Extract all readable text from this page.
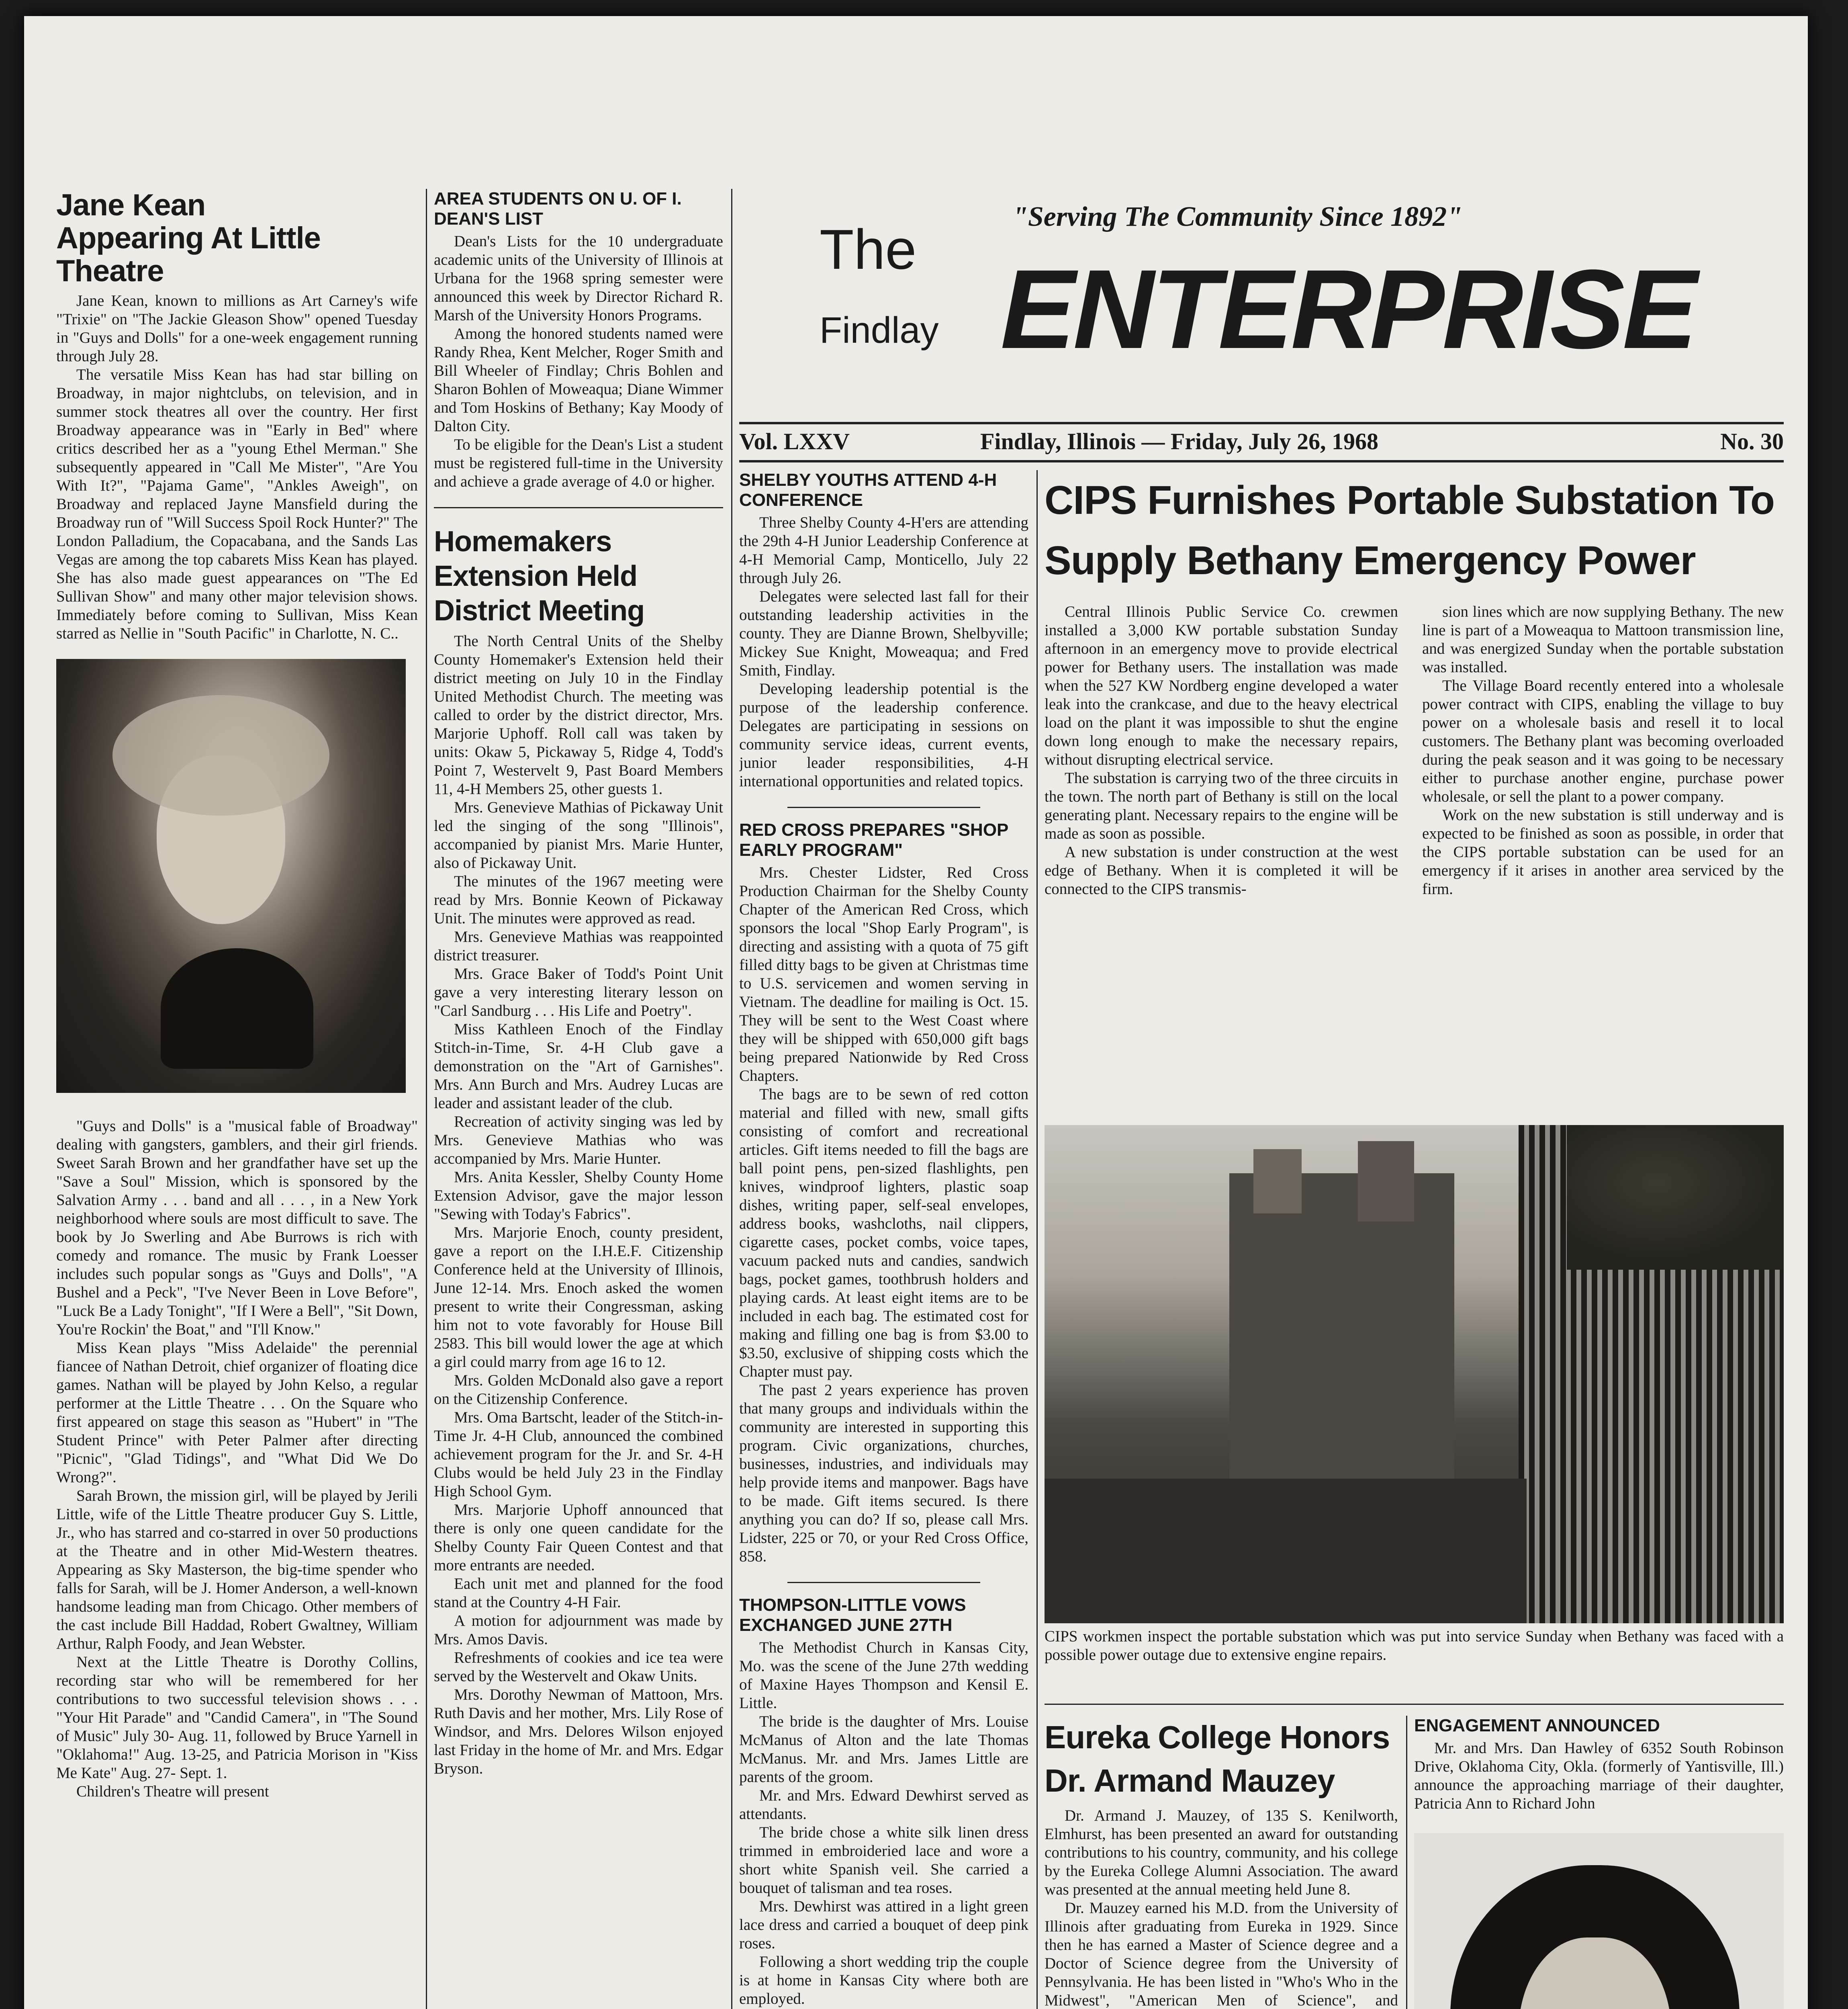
Jane Kean Appearing At Little Theatre

Jane Kean, known to millions as Art Carney's wife "Trixie" on "The Jackie Gleason Show" opened Tuesday in "Guys and Dolls" for a one-week engagement running through July 28.

The versatile Miss Kean has had star billing on Broadway, in major nightclubs, on television, and in summer stock theatres all over the country. Her first Broadway appearance was in "Early in Bed" where critics described her as a "young Ethel Merman." She subsequently appeared in "Call Me Mister", "Are You With It?", "Pajama Game", "Ankles Aweigh", on Broadway and replaced Jayne Mansfield during the Broadway run of "Will Success Spoil Rock Hunter?" The London Palladium, the Copacabana, and the Sands Las Vegas are among the top cabarets Miss Kean has played. She has also made guest appearances on "The Ed Sullivan Show" and many other major television shows. Immediately before coming to Sullivan, Miss Kean starred as Nellie in "South Pacific" in Charlotte, N. C..

"Guys and Dolls" is a "musical fable of Broadway" dealing with gangsters, gamblers, and their girl friends. Sweet Sarah Brown and her grandfather have set up the "Save a Soul" Mission, which is sponsored by the Salvation Army . . . band and all . . . , in a New York neighborhood where souls are most difficult to save. The book by Jo Swerling and Abe Burrows is rich with comedy and romance. The music by Frank Loesser includes such popular songs as "Guys and Dolls", "A Bushel and a Peck", "I've Never Been in Love Before", "Luck Be a Lady Tonight", "If I Were a Bell", "Sit Down, You're Rockin' the Boat," and "I'll Know."

Miss Kean plays "Miss Adelaide" the perennial fiancee of Nathan Detroit, chief organizer of floating dice games. Nathan will be played by John Kelso, a regular performer at the Little Theatre . . . On the Square who first appeared on stage this season as "Hubert" in "The Student Prince" with Peter Palmer after directing "Picnic", "Glad Tidings", and "What Did We Do Wrong?".

Sarah Brown, the mission girl, will be played by Jerili Little, wife of the Little Theatre producer Guy S. Little, Jr., who has starred and co-starred in over 50 productions at the Theatre and in other Mid-Western theatres. Appearing as Sky Masterson, the big-time spender who falls for Sarah, will be J. Homer Anderson, a well-known handsome leading man from Chicago. Other members of the cast include Bill Haddad, Robert Gwaltney, William Arthur, Ralph Foody, and Jean Webster.

Next at the Little Theatre is Dorothy Collins, recording star who will be remembered for her contributions to two successful television shows . . . "Your Hit Parade" and "Candid Camera", in "The Sound of Music" July 30- Aug. 11, followed by Bruce Yarnell in "Oklahoma!" Aug. 13-25, and Patricia Morison in "Kiss Me Kate" Aug. 27- Sept. 1.

Children's Theatre will present

AREA STUDENTS ON U. OF I. DEAN'S LIST

Dean's Lists for the 10 undergraduate academic units of the University of Illinois at Urbana for the 1968 spring semester were announced this week by Director Richard R. Marsh of the University Honors Programs.

Among the honored students named were Randy Rhea, Kent Melcher, Roger Smith and Bill Wheeler of Findlay; Chris Bohlen and Sharon Bohlen of Moweaqua; Diane Wimmer and Tom Hoskins of Bethany; Kay Moody of Dalton City.

To be eligible for the Dean's List a student must be registered full-time in the University and achieve a grade average of 4.0 or higher.

Homemakers Extension Held District Meeting

The North Central Units of the Shelby County Homemaker's Extension held their district meeting on July 10 in the Findlay United Methodist Church. The meeting was called to order by the district director, Mrs. Marjorie Uphoff. Roll call was taken by units: Okaw 5, Pickaway 5, Ridge 4, Todd's Point 7, Westervelt 9, Past Board Members 11, 4-H Members 25, other guests 1.

Mrs. Genevieve Mathias of Pickaway Unit led the singing of the song "Illinois", accompanied by pianist Mrs. Marie Hunter, also of Pickaway Unit.

The minutes of the 1967 meeting were read by Mrs. Bonnie Keown of Pickaway Unit. The minutes were approved as read.

Mrs. Genevieve Mathias was reappointed district treasurer.

Mrs. Grace Baker of Todd's Point Unit gave a very interesting literary lesson on "Carl Sandburg . . . His Life and Poetry".

Miss Kathleen Enoch of the Findlay Stitch-in-Time, Sr. 4-H Club gave a demonstration on the "Art of Garnishes". Mrs. Ann Burch and Mrs. Audrey Lucas are leader and assistant leader of the club.

Recreation of activity singing was led by Mrs. Genevieve Mathias who was accompanied by Mrs. Marie Hunter.

Mrs. Anita Kessler, Shelby County Home Extension Advisor, gave the major lesson "Sewing with Today's Fabrics".

Mrs. Marjorie Enoch, county president, gave a report on the I.H.E.F. Citizenship Conference held at the University of Illinois, June 12-14. Mrs. Enoch asked the women present to write their Congressman, asking him not to vote favorably for House Bill 2583. This bill would lower the age at which a girl could marry from age 16 to 12.

Mrs. Golden McDonald also gave a report on the Citizenship Conference.

Mrs. Oma Bartscht, leader of the Stitch-in-Time Jr. 4-H Club, announced the combined achievement program for the Jr. and Sr. 4-H Clubs would be held July 23 in the Findlay High School Gym.

Mrs. Marjorie Uphoff announced that there is only one queen candidate for the Shelby County Fair Queen Contest and that more entrants are needed.

Each unit met and planned for the food stand at the Country 4-H Fair.

A motion for adjournment was made by Mrs. Amos Davis.

Refreshments of cookies and ice tea were served by the Westervelt and Okaw Units.

Mrs. Dorothy Newman of Mattoon, Mrs. Ruth Davis and her mother, Mrs. Lily Rose of Windsor, and Mrs. Delores Wilson enjoyed last Friday in the home of Mr. and Mrs. Edgar Bryson.

"Serving The Community Since 1892"
The
Findlay ENTERPRISE
Vol. LXXV	Findlay, Illinois — Friday, July 26, 1968	No. 30
SHELBY YOUTHS ATTEND 4-H CONFERENCE

Three Shelby County 4-H'ers are attending the 29th 4-H Junior Leadership Conference at 4-H Memorial Camp, Monticello, July 22 through July 26.

Delegates were selected last fall for their outstanding leadership activities in the county. They are Dianne Brown, Shelbyville; Mickey Sue Knight, Moweaqua; and Fred Smith, Findlay.

Developing leadership potential is the purpose of the leadership conference. Delegates are participating in sessions on community service ideas, current events, junior leader responsibilities, 4-H international opportunities and related topics.

RED CROSS PREPARES "SHOP EARLY PROGRAM"

Mrs. Chester Lidster, Red Cross Production Chairman for the Shelby County Chapter of the American Red Cross, which sponsors the local "Shop Early Program", is directing and assisting with a quota of 75 gift filled ditty bags to be given at Christmas time to U.S. servicemen and women serving in Vietnam. The deadline for mailing is Oct. 15. They will be sent to the West Coast where they will be shipped with 650,000 gift bags being prepared Nationwide by Red Cross Chapters.

The bags are to be sewn of red cotton material and filled with new, small gifts consisting of comfort and recreational articles. Gift items needed to fill the bags are ball point pens, pen-sized flashlights, pen knives, windproof lighters, plastic soap dishes, writing paper, self-seal envelopes, address books, washcloths, nail clippers, cigarette cases, pocket combs, voice tapes, vacuum packed nuts and candies, sandwich bags, pocket games, toothbrush holders and playing cards. At least eight items are to be included in each bag. The estimated cost for making and filling one bag is from $3.00 to $3.50, exclusive of shipping costs which the Chapter must pay.

The past 2 years experience has proven that many groups and individuals within the community are interested in supporting this program. Civic organizations, churches, businesses, industries, and individuals may help provide items and manpower. Bags have to be made. Gift items secured. Is there anything you can do? If so, please call Mrs. Lidster, 225 or 70, or your Red Cross Office, 858.

THOMPSON-LITTLE VOWS EXCHANGED JUNE 27TH

The Methodist Church in Kansas City, Mo. was the scene of the June 27th wedding of Maxine Hayes Thompson and Kensil E. Little.

The bride is the daughter of Mrs. Louise McManus of Alton and the late Thomas McManus. Mr. and Mrs. James Little are parents of the groom.

Mr. and Mrs. Edward Dewhirst served as attendants.

The bride chose a white silk linen dress trimmed in embroideried lace and wore a short white Spanish veil. She carried a bouquet of talisman and tea roses.

Mrs. Dewhirst was attired in a light green lace dress and carried a bouquet of deep pink roses.

Following a short wedding trip the couple is at home in Kansas City where both are employed.

CIPS Furnishes Portable Substation To Supply Bethany Emergency Power

Central Illinois Public Service Co. crewmen installed a 3,000 KW portable substation Sunday afternoon in an emergency move to provide electrical power for Bethany users. The installation was made when the 527 KW Nordberg engine developed a water leak into the crankcase, and due to the heavy electrical load on the plant it was impossible to shut the engine down long enough to make the necessary repairs, without disrupting electrical service.

The substation is carrying two of the three circuits in the town. The north part of Bethany is still on the local generating plant. Necessary repairs to the engine will be made as soon as possible.

A new substation is under construction at the west edge of Bethany. When it is completed it will be connected to the CIPS transmis-

sion lines which are now supplying Bethany. The new line is part of a Moweaqua to Mattoon transmission line, and was energized Sunday when the portable substation was installed.

The Village Board recently entered into a wholesale power contract with CIPS, enabling the village to buy power on a wholesale basis and resell it to local customers. The Bethany plant was becoming overloaded during the peak season and it was going to be necessary either to purchase another engine, purchase power wholesale, or sell the plant to a power company.

Work on the new substation is still underway and is expected to be finished as soon as possible, in order that the CIPS portable substation can be used for an emergency if it arises in another area serviced by the firm.

CIPS workmen inspect the portable substation which was put into service Sunday when Bethany was faced with a possible power outage due to extensive engine repairs.

Eureka College Honors Dr. Armand Mauzey

Dr. Armand J. Mauzey, of 135 S. Kenilworth, Elmhurst, has been presented an award for outstanding contributions to his country, community, and his college by the Eureka College Alumni Association. The award was presented at the annual meeting held June 8.

Dr. Mauzey earned his M.D. from the University of Illinois after graduating from Eureka in 1929. Since then he has earned a Master of Science degree and a Doctor of Science degree from the University of Pennsylvania. He has been listed in "Who's Who in the Midwest", "American Men of Science", and

ENGAGEMENT ANNOUNCED

Mr. and Mrs. Dan Hawley of 6352 South Robinson Drive, Oklahoma City, Okla. (formerly of Yantisville, Ill.) announce the approaching marriage of their daughter, Patricia Ann to Richard John
